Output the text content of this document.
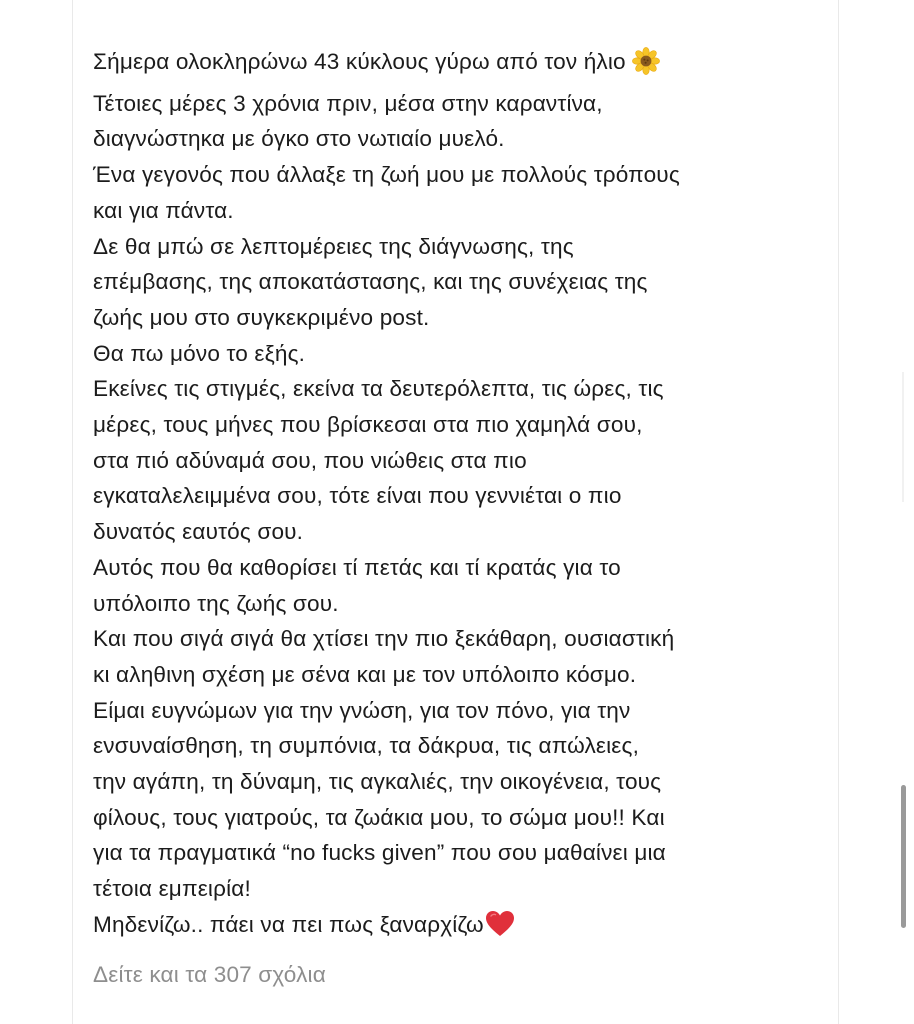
Σήμερα ολοκληρώνω 43 κύκλους γύρω από τον ήλιο
Τέτοιες μέρες 3 χρόνια πριν, μέσα στην καραντίνα,
διαγνώστηκα με όγκο στο νωτιαίο μυελό.
Ένα γεγονός που άλλαξε τη ζωή μου με πολλούς τρόπους
και για πάντα.
Δε θα μπώ σε λεπτομέρειες της διάγνωσης, της
επέμβασης, της αποκατάστασης, και της συνέχειας της
ζωής μου στο συγκεκριμένο post.
Θα πω μόνο το εξής.
Εκείνες τις στιγμές, εκείνα τα δευτερόλεπτα, τις ώρες, τις
μέρες, τους μήνες που βρίσκεσαι στα πιο χαμηλά σου,
στα πιό αδύναμά σου, που νιώθεις στα πιο
εγκαταλελειμμένα σου, τότε είναι που γεννιέται ο πιο
δυνατός εαυτός σου.
Αυτός που θα καθορίσει τί πετάς και τί κρατάς για το
υπόλοιπο της ζωής σου.
Και που σιγά σιγά θα χτίσει την πιο ξεκάθαρη, ουσιαστική
κι αληθινη σχέση με σένα και με τον υπόλοιπο κόσμο.
Είμαι ευγνώμων για την γνώση, για τον πόνο, για την
ενσυναίσθηση, τη συμπόνια, τα δάκρυα, τις απώλειες,
την αγάπη, τη δύναμη, τις αγκαλιές, την οικογένεια, τους
φίλους, τους γιατρούς, τα ζωάκια μου, το σώμα μου!! Και
για τα πραγματικά “no fucks given” που σου μαθαίνει μια
τέτοια εμπειρία!
Μηδενίζω.. πάει να πει πως ξαναρχίζω

Δείτε και τα 307 σχόλια
